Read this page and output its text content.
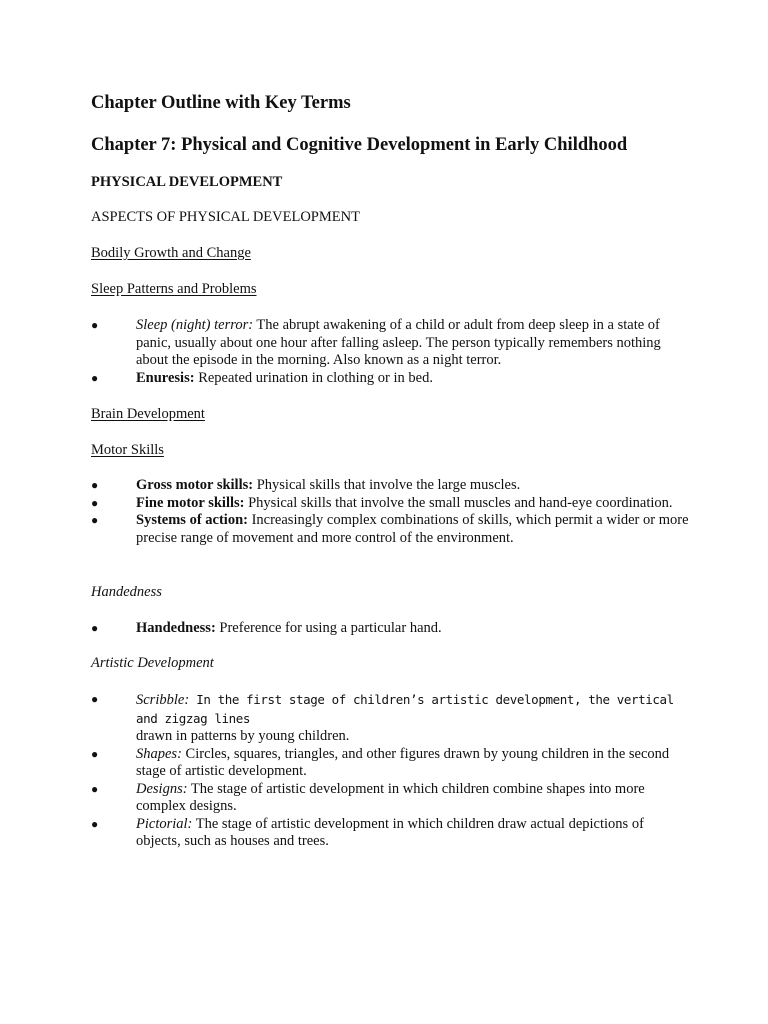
Chapter Outline with Key Terms
Chapter 7: Physical and Cognitive Development in Early Childhood
PHYSICAL DEVELOPMENT
ASPECTS OF PHYSICAL DEVELOPMENT
Bodily Growth and Change
Sleep Patterns and Problems
●	Sleep (night) terror: The abrupt awakening of a child or adult from deep sleep in a state of panic, usually about one hour after falling asleep. The person typically remembers nothing about the episode in the morning. Also known as a night terror.
●	Enuresis: Repeated urination in clothing or in bed.
Brain Development
Motor Skills
●	Gross motor skills: Physical skills that involve the large muscles.
●	Fine motor skills: Physical skills that involve the small muscles and hand-eye coordination.
●	Systems of action: Increasingly complex combinations of skills, which permit a wider or more precise range of movement and more control of the environment.
Handedness
●	Handedness: Preference for using a particular hand.
Artistic Development
●	Scribble: In the first stage of children’s artistic development, the vertical and zigzag lines
drawn in patterns by young children.
●	Shapes: Circles, squares, triangles, and other figures drawn by young children in the second stage of artistic development.
●	Designs: The stage of artistic development in which children combine shapes into more complex designs.
●	Pictorial: The stage of artistic development in which children draw actual depictions of objects, such as houses and trees.
